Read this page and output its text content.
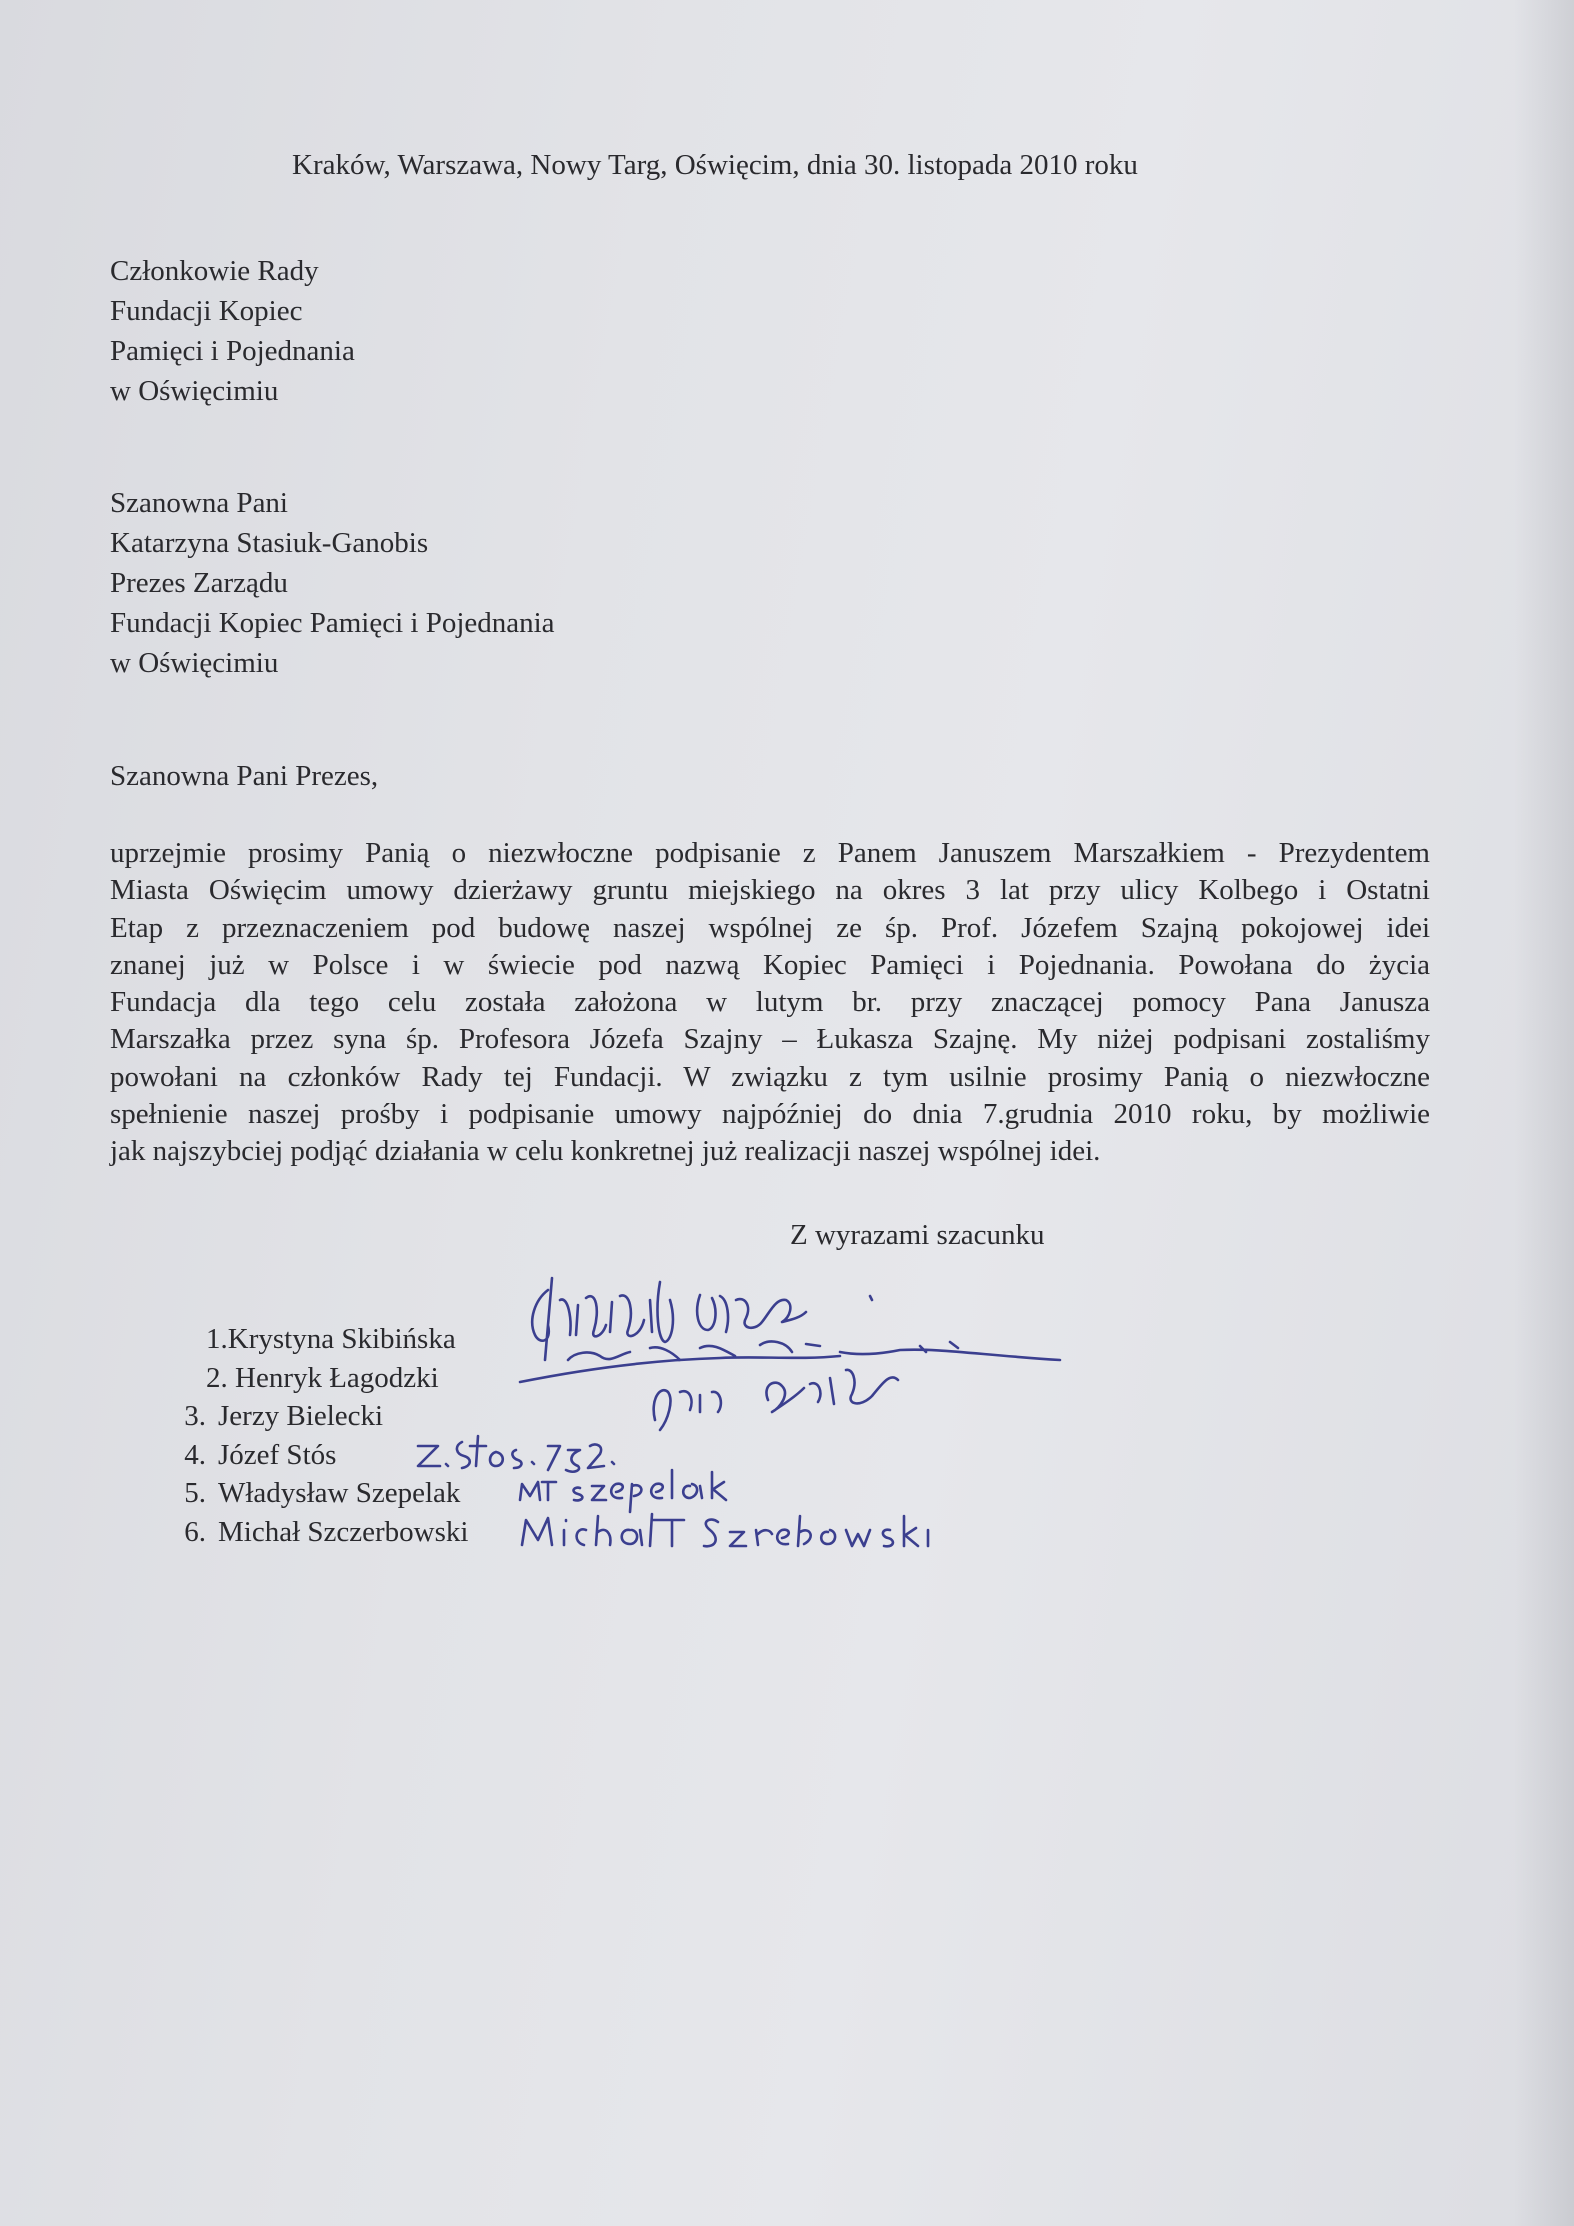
Kraków, Warszawa, Nowy Targ, Oświęcim, dnia 30. listopada 2010 roku
Członkowie Rady
Fundacji Kopiec
Pamięci i Pojednania
w Oświęcimiu
Szanowna Pani
Katarzyna Stasiuk-Ganobis
Prezes Zarządu
Fundacji Kopiec Pamięci i Pojednania
w Oświęcimiu
Szanowna Pani Prezes,
uprzejmie prosimy Panią o niezwłoczne podpisanie z Panem Januszem Marszałkiem - Prezydentem
Miasta Oświęcim umowy dzierżawy gruntu miejskiego na okres 3 lat przy ulicy Kolbego i Ostatni
Etap z przeznaczeniem pod budowę naszej wspólnej ze śp. Prof. Józefem Szajną pokojowej idei
znanej już w Polsce i w świecie pod nazwą Kopiec Pamięci i Pojednania. Powołana do życia
Fundacja dla tego celu została założona w lutym br. przy znaczącej pomocy Pana Janusza
Marszałka przez syna śp. Profesora Józefa Szajny – Łukasza Szajnę. My niżej podpisani zostaliśmy
powołani na członków Rady tej Fundacji. W związku z tym usilnie prosimy Panią o niezwłoczne
spełnienie naszej prośby i podpisanie umowy najpóźniej do dnia 7.grudnia 2010 roku, by możliwie
jak najszybciej podjąć działania w celu konkretnej już realizacji naszej wspólnej idei.
Z wyrazami szacunku
1.Krystyna Skibińska
2. Henryk Łagodzki
3. Jerzy Bielecki
4. Józef Stós
5. Władysław Szepelak
6. Michał Szczerbowski
